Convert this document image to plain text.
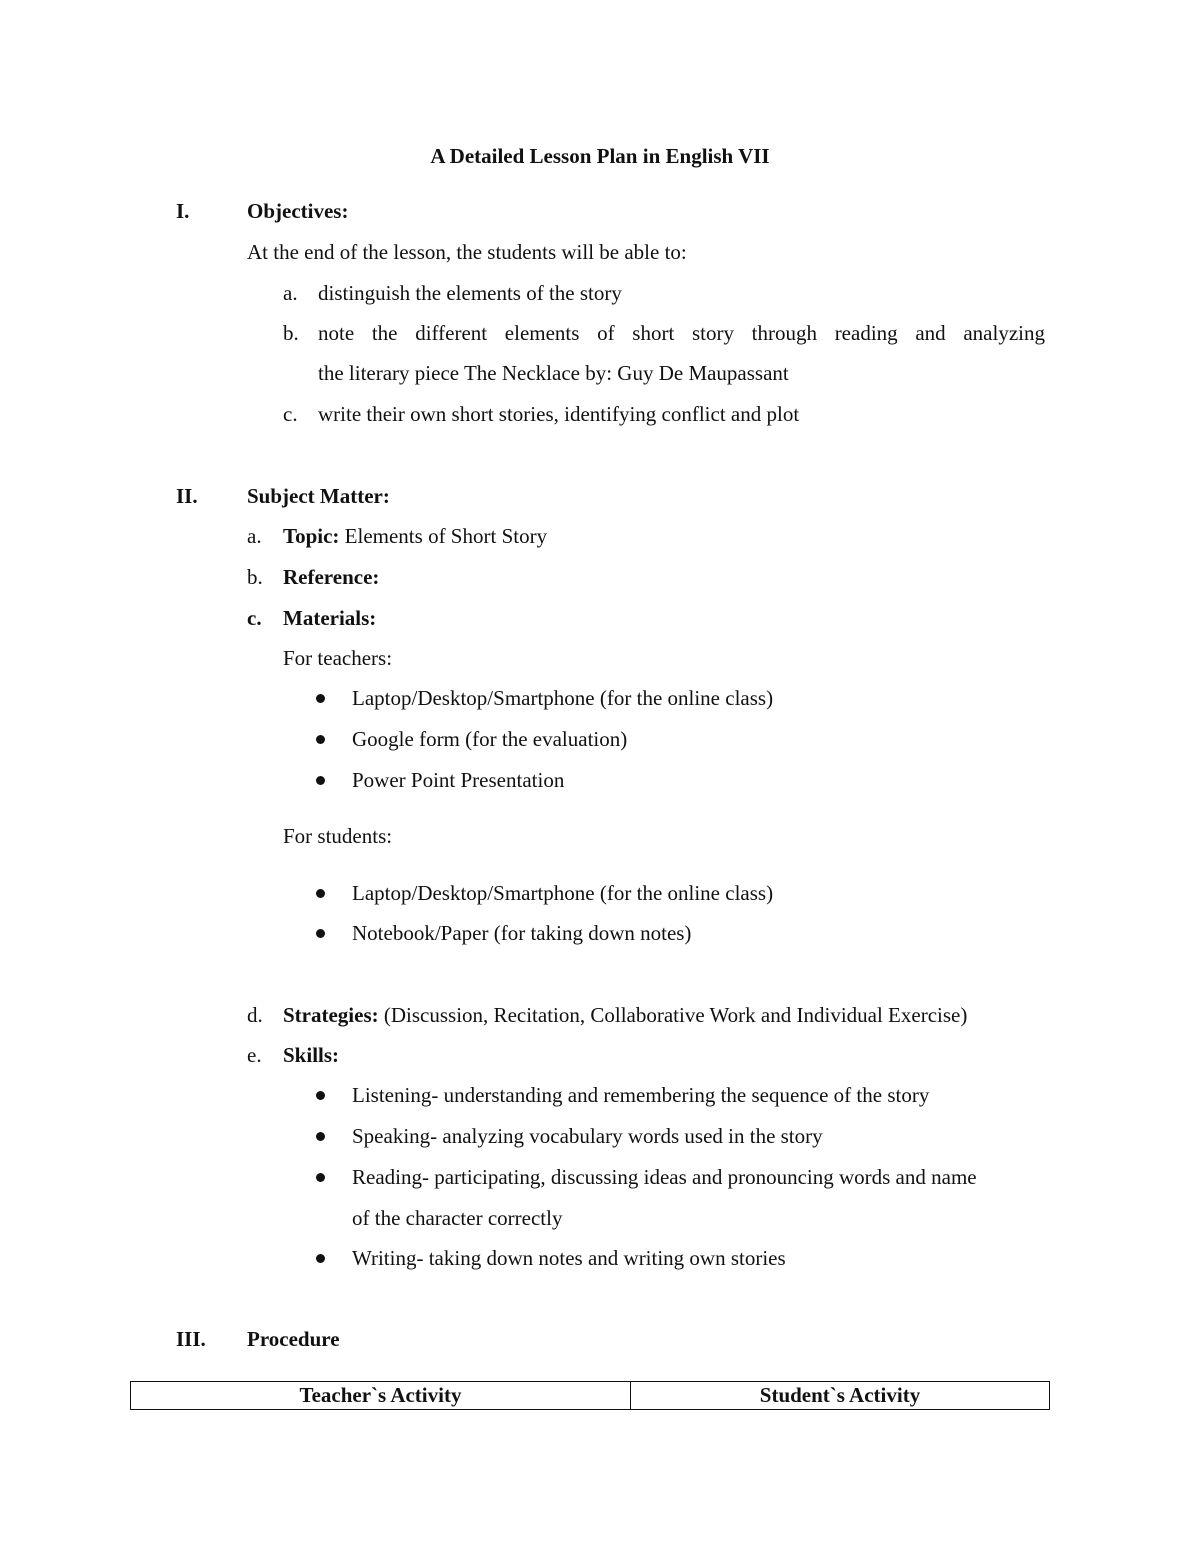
A Detailed Lesson Plan in English VII
I.	Objectives:
At the end of the lesson, the students will be able to:
a. distinguish the elements of the story
b. note the different elements of short story through reading and analyzing
the literary piece The Necklace by: Guy De Maupassant
c. write their own short stories, identifying conflict and plot
II. Subject Matter:
a. Topic: Elements of Short Story
b. Reference:
c. Materials:
For teachers:
Laptop/Desktop/Smartphone (for the online class)
Google form (for the evaluation)
Power Point Presentation
For students:
Laptop/Desktop/Smartphone (for the online class)
Notebook/Paper (for taking down notes)
d. Strategies: (Discussion, Recitation, Collaborative Work and Individual Exercise)
e. Skills:
Listening- understanding and remembering the sequence of the story
Speaking- analyzing vocabulary words used in the story
Reading- participating, discussing ideas and pronouncing words and name
of the character correctly
Writing- taking down notes and writing own stories
III. Procedure
Teacher`s Activity	Student`s Activity
